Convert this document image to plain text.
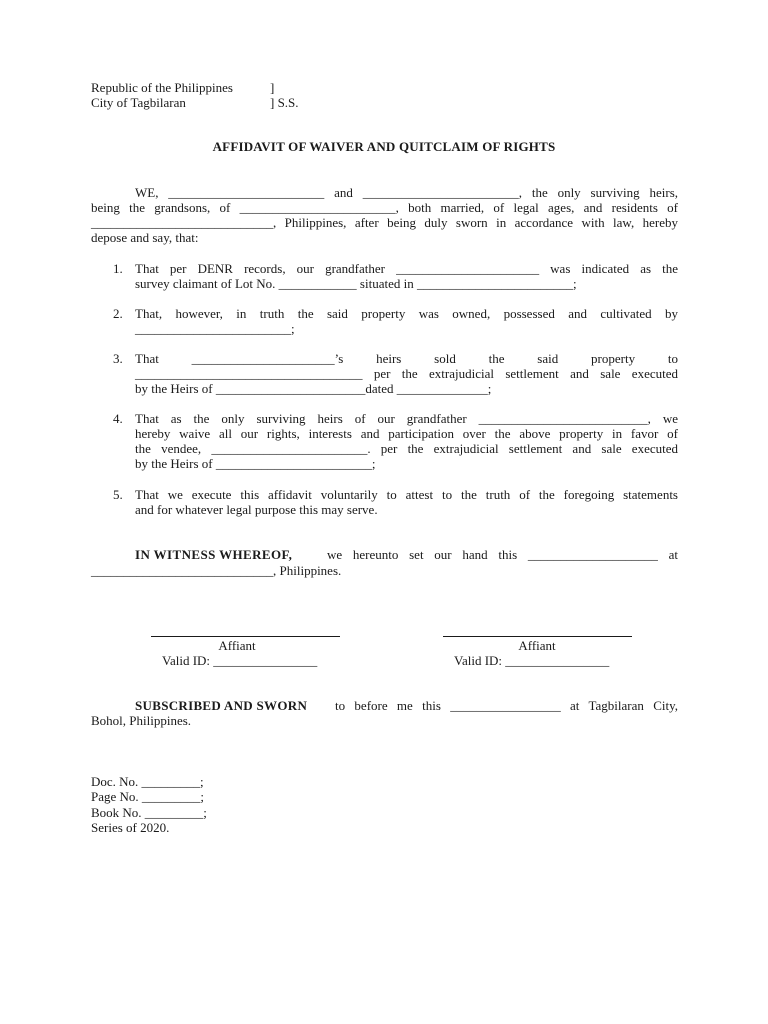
Republic of the Philippines	]
City of Tagbilaran	] S.S.
AFFIDAVIT OF WAIVER AND QUITCLAIM OF RIGHTS
WE, ________________________ and ________________________, the only surviving heirs,
being the grandsons, of ________________________, both married, of legal ages, and residents of
____________________________, Philippines, after being duly sworn in accordance with law, hereby
depose and say, that:
1. That per DENR records, our grandfather ______________________ was indicated as the
survey claimant of Lot No. ____________ situated in ________________________;
2. That, however, in truth the said property was owned, possessed and cultivated by
________________________;
3. That ______________________’s heirs sold the said property to
___________________________________ per the extrajudicial settlement and sale executed
by the Heirs of _______________________dated ______________;
4. That as the only surviving heirs of our grandfather __________________________, we
hereby waive all our rights, interests and participation over the above property in favor of
the vendee, ________________________. per the extrajudicial settlement and sale executed
by the Heirs of ________________________;
5. That we execute this affidavit voluntarily to attest to the truth of the foregoing statements
and for whatever legal purpose this may serve.
IN WITNESS WHEREOF,	we hereunto set our hand this ____________________ at
____________________________, Philippines.
Affiant
Valid ID: ________________
Affiant
Valid ID: ________________
SUBSCRIBED AND SWORN to before me this _________________ at Tagbilaran City,
Bohol, Philippines.
Doc. No. _________;
Page No. _________;
Book No. _________;
Series of 2020.
